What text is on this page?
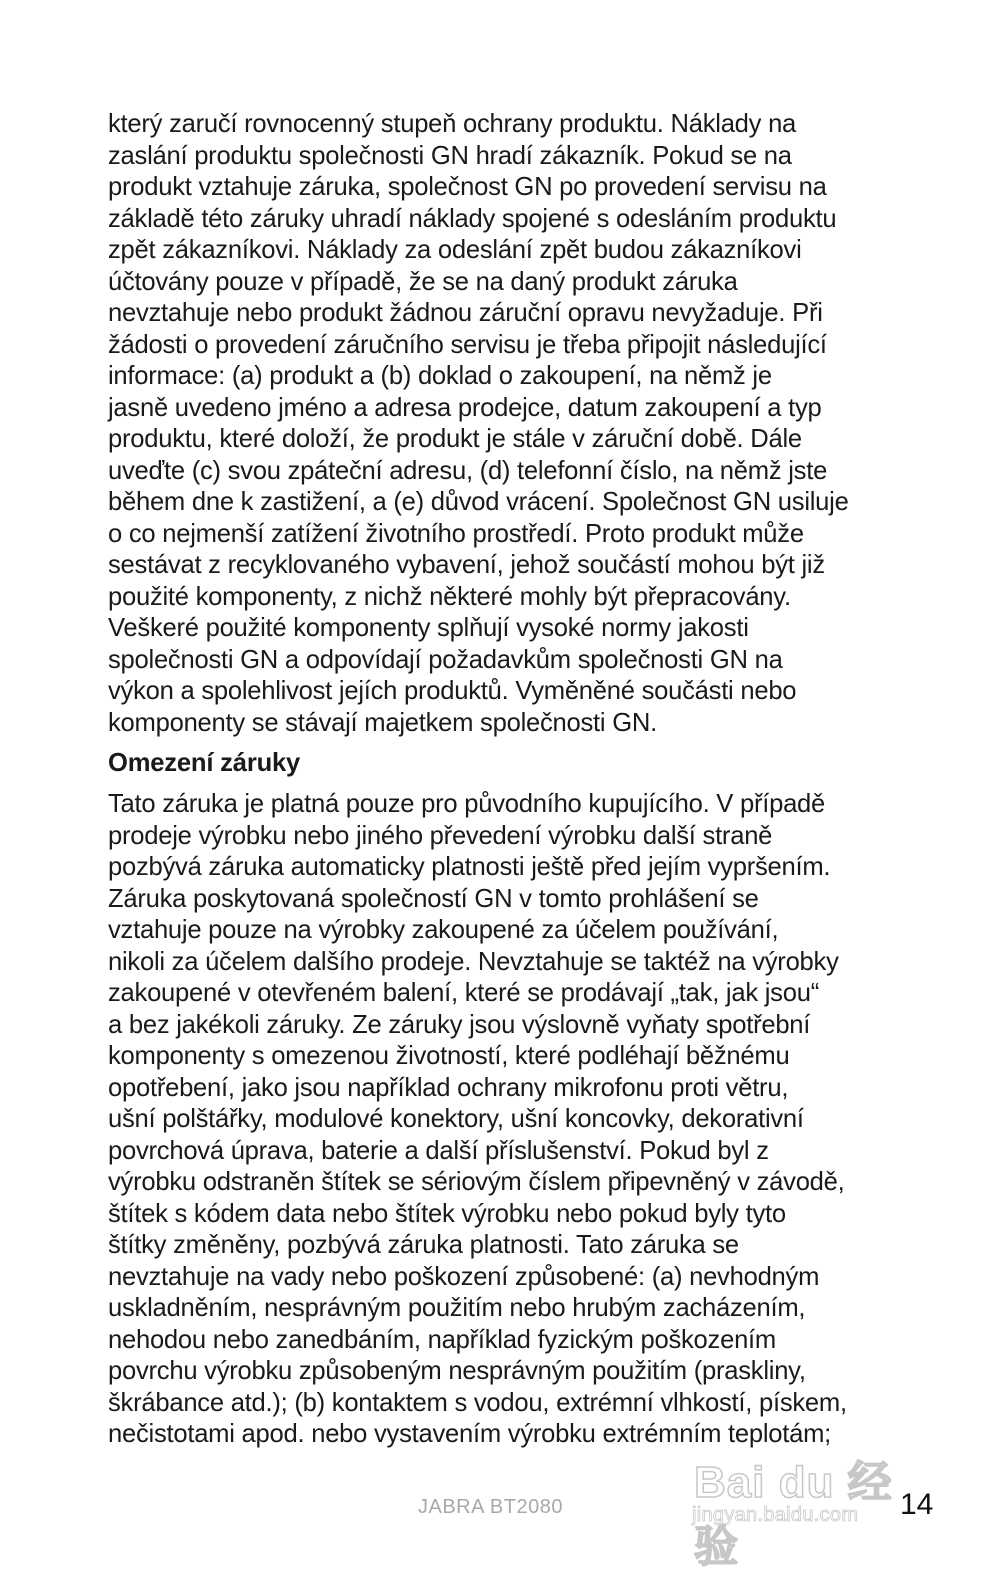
který zaručí rovnocenný stupeň ochrany produktu. Náklady na
zaslání produktu společnosti GN hradí zákazník. Pokud se na
produkt vztahuje záruka, společnost GN po provedení servisu na
základě této záruky uhradí náklady spojené s odesláním produktu
zpět zákazníkovi. Náklady za odeslání zpět budou zákazníkovi
účtovány pouze v případě, že se na daný produkt záruka
nevztahuje nebo produkt žádnou záruční opravu nevyžaduje. Při
žádosti o provedení záručního servisu je třeba připojit následující
informace: (a) produkt a (b) doklad o zakoupení, na němž je
jasně uvedeno jméno a adresa prodejce, datum zakoupení a typ
produktu, které doloží, že produkt je stále v záruční době. Dále
uveďte (c) svou zpáteční adresu, (d) telefonní číslo, na němž jste
během dne k zastižení, a (e) důvod vrácení. Společnost GN usiluje
o co nejmenší zatížení životního prostředí. Proto produkt může
sestávat z recyklovaného vybavení, jehož součástí mohou být již
použité komponenty, z nichž některé mohly být přepracovány.
Veškeré použité komponenty splňují vysoké normy jakosti
společnosti GN a odpovídají požadavkům společnosti GN na
výkon a spolehlivost jejích produktů. Vyměněné součásti nebo
komponenty se stávají majetkem společnosti GN.
Omezení záruky
Tato záruka je platná pouze pro původního kupujícího. V případě
prodeje výrobku nebo jiného převedení výrobku další straně
pozbývá záruka automaticky platnosti ještě před jejím vypršením.
Záruka poskytovaná společností GN v tomto prohlášení se
vztahuje pouze na výrobky zakoupené za účelem používání,
nikoli za účelem dalšího prodeje. Nevztahuje se taktéž na výrobky
zakoupené v otevřeném balení, které se prodávají „tak, jak jsou“
a bez jakékoli záruky. Ze záruky jsou výslovně vyňaty spotřební
komponenty s omezenou životností, které podléhají běžnému
opotřebení, jako jsou například ochrany mikrofonu proti větru,
ušní polštářky, modulové konektory, ušní koncovky, dekorativní
povrchová úprava, baterie a další příslušenství. Pokud byl z
výrobku odstraněn štítek se sériovým číslem připevněný v závodě,
štítek s kódem data nebo štítek výrobku nebo pokud byly tyto
štítky změněny, pozbývá záruka platnosti. Tato záruka se
nevztahuje na vady nebo poškození způsobené: (a) nevhodným
uskladněním, nesprávným použitím nebo hrubým zacházením,
nehodou nebo zanedbáním, například fyzickým poškozením
povrchu výrobku způsobeným nesprávným použitím (praskliny,
škrábance atd.); (b) kontaktem s vodou, extrémní vlhkostí, pískem,
nečistotami apod. nebo vystavením výrobku extrémním teplotám;
Bai du 经验
jingyan.baidu.com
JABRA BT2080	14
